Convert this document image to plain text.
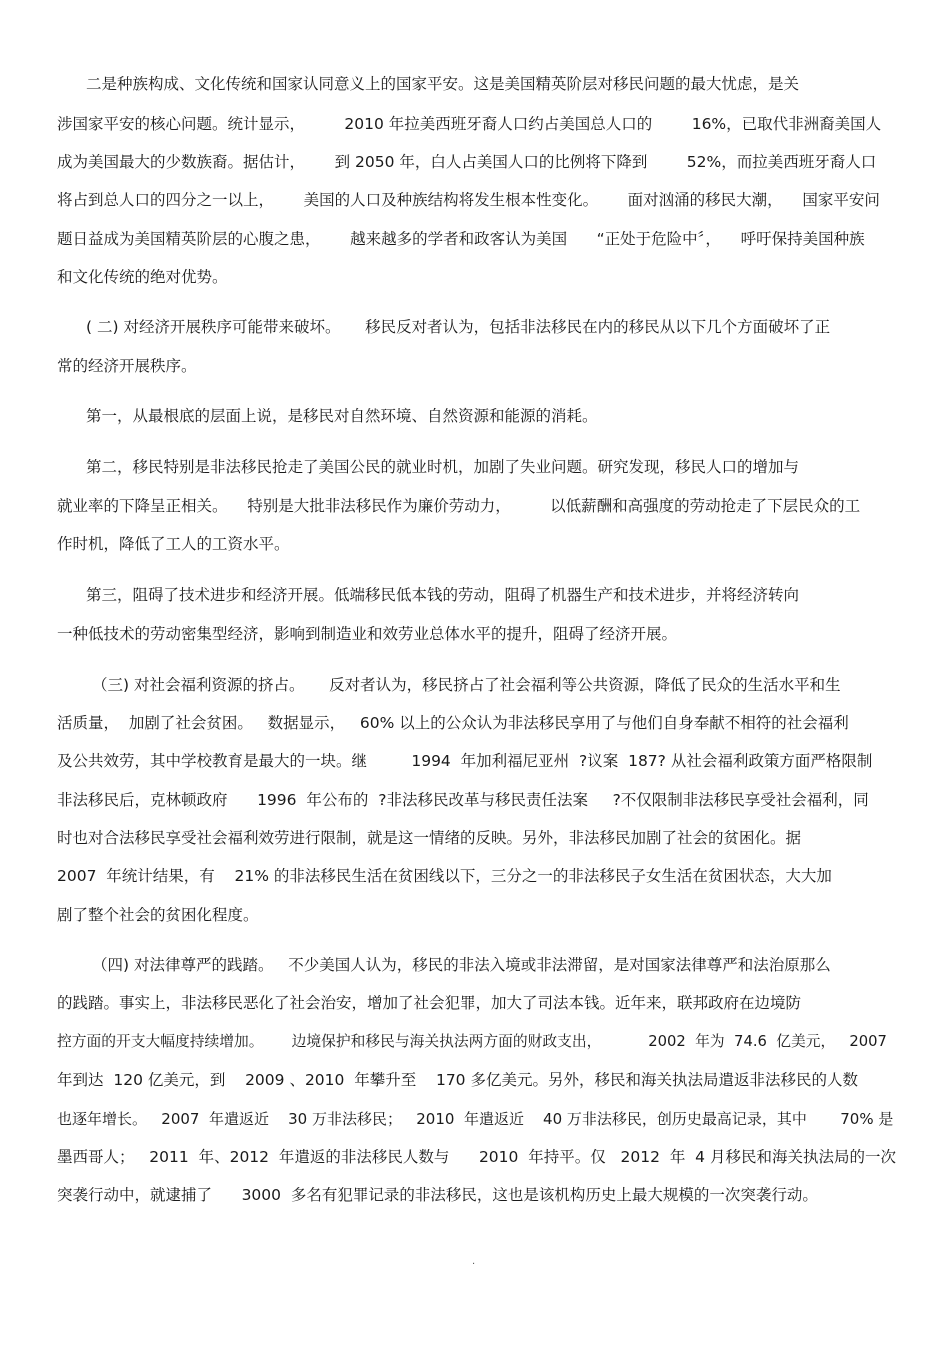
二是种族构成、文化传统和国家认同意义上的国家平安。这是美国精英阶层对移民问题的最大忧虑，是关
涉国家平安的核心问题。统计显示，        2010 年拉美西班牙裔人口约占美国总人口的        16%，已取代非洲裔美国人
成为美国最大的少数族裔。据估计，      到 2050 年，白人占美国人口的比例将下降到        52%，而拉美西班牙裔人口
将占到总人口的四分之一以上，      美国的人口及种族结构将发生根本性变化。      面对汹涌的移民大潮，    国家平安问
题日益成为美国精英阶层的心腹之患，      越来越多的学者和政客认为美国      “正处于危险中〞，    呼吁保持美国种族
和文化传统的绝对优势。
( 二) 对经济开展秩序可能带来破坏。     移民反对者认为，包括非法移民在内的移民从以下几个方面破坏了正
常的经济开展秩序。
第一，从最根底的层面上说，是移民对自然环境、自然资源和能源的消耗。
第二，移民特别是非法移民抢走了美国公民的就业时机，加剧了失业问题。研究发现，移民人口的增加与
就业率的下降呈正相关。    特别是大批非法移民作为廉价劳动力，        以低薪酬和高强度的劳动抢走了下层民众的工
作时机，降低了工人的工资水平。
第三，阻碍了技术进步和经济开展。低端移民低本钱的劳动，阻碍了机器生产和技术进步，并将经济转向
一种低技术的劳动密集型经济，影响到制造业和效劳业总体水平的提升，阻碍了经济开展。
（三) 对社会福利资源的挤占。     反对者认为，移民挤占了社会福利等公共资源，降低了民众的生活水平和生
活质量，  加剧了社会贫困。   数据显示，   60% 以上的公众认为非法移民享用了与他们自身奉献不相符的社会福利
及公共效劳，其中学校教育是最大的一块。继         1994  年加利福尼亚州  ?议案  187? 从社会福利政策方面严格限制
非法移民后，克林顿政府      1996  年公布的  ?非法移民改革与移民责任法案     ?不仅限制非法移民享受社会福利，同
时也对合法移民享受社会福利效劳进行限制，就是这一情绪的反映。另外，非法移民加剧了社会的贫困化。据
2007  年统计结果，有    21% 的非法移民生活在贫困线以下，三分之一的非法移民子女生活在贫困状态，大大加
剧了整个社会的贫困化程度。
（四) 对法律尊严的践踏。   不少美国人认为，移民的非法入境或非法滞留，是对国家法律尊严和法治原那么
的践踏。事实上，非法移民恶化了社会治安，增加了社会犯罪，加大了司法本钱。近年来，联邦政府在边境防
控方面的开支大幅度持续增加。      边境保护和移民与海关执法两方面的财政支出，          2002  年为  74.6  亿美元，   2007
年到达  120 亿美元，到    2009 、2010  年攀升至    170 多亿美元。另外，移民和海关执法局遣返非法移民的人数
也逐年增长。   2007  年遣返近    30 万非法移民；   2010  年遣返近    40 万非法移民，创历史最高记录，其中       70% 是
墨西哥人；   2011  年、2012  年遣返的非法移民人数与      2010  年持平。仅   2012  年  4 月移民和海关执法局的一次
突袭行动中，就逮捕了      3000  多名有犯罪记录的非法移民，这也是该机构历史上最大规模的一次突袭行动。
.
